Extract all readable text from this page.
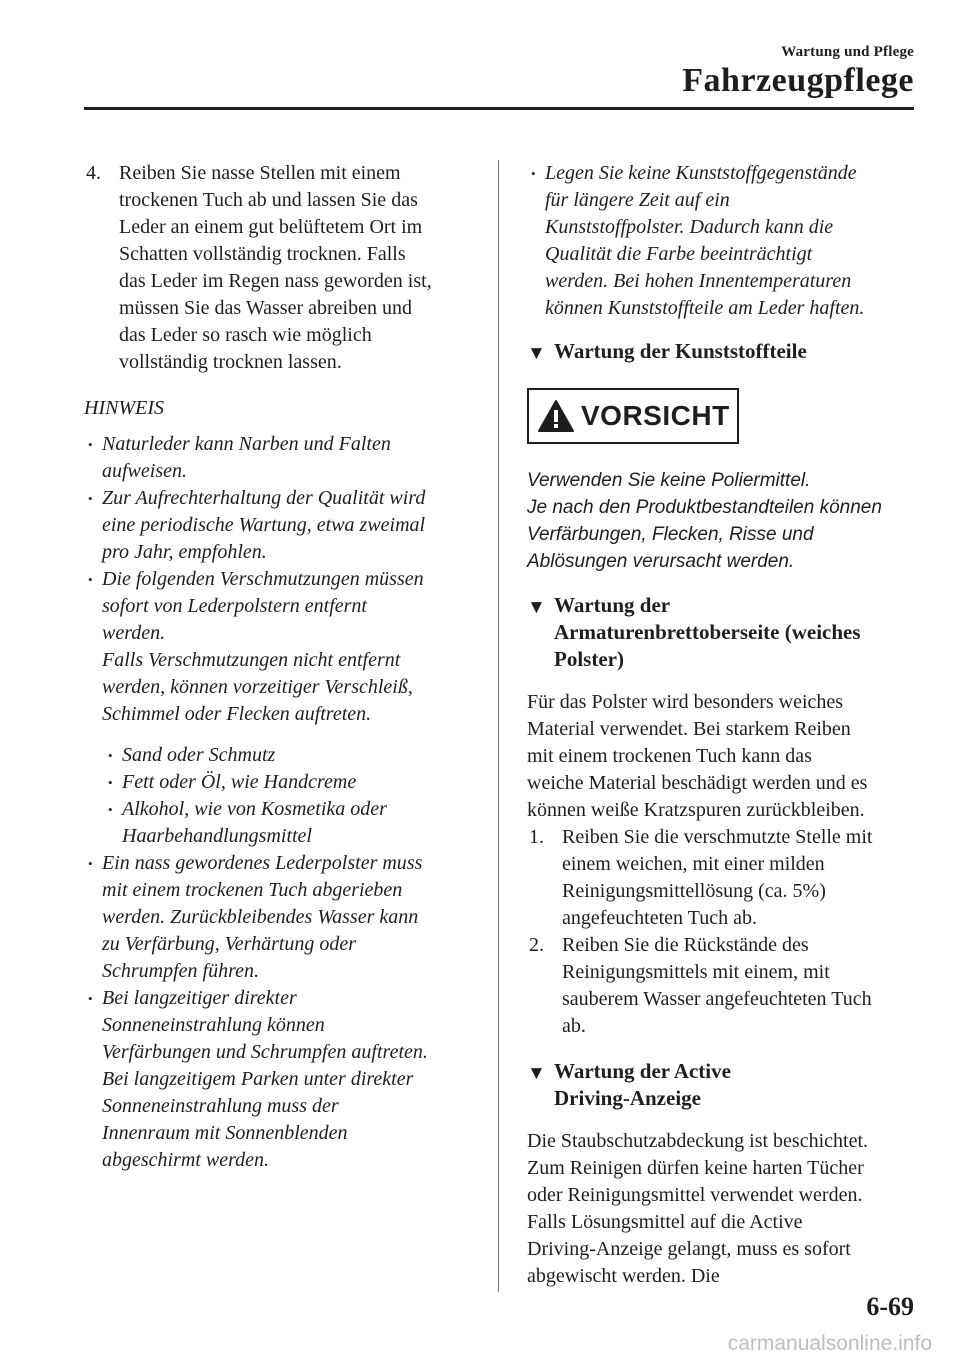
Wartung und Pflege
Fahrzeugpflege
4. Reiben Sie nasse Stellen mit einem
trockenen Tuch ab und lassen Sie das
Leder an einem gut belüftetem Ort im
Schatten vollständig trocknen. Falls
das Leder im Regen nass geworden ist,
müssen Sie das Wasser abreiben und
das Leder so rasch wie möglich
vollständig trocknen lassen.
HINWEIS
• Naturleder kann Narben und Falten
aufweisen.
• Zur Aufrechterhaltung der Qualität wird
eine periodische Wartung, etwa zweimal
pro Jahr, empfohlen.
• Die folgenden Verschmutzungen müssen
sofort von Lederpolstern entfernt
werden.
Falls Verschmutzungen nicht entfernt
werden, können vorzeitiger Verschleiß,
Schimmel oder Flecken auftreten.
• Sand oder Schmutz
• Fett oder Öl, wie Handcreme
• Alkohol, wie von Kosmetika oder
Haarbehandlungsmittel
• Ein nass gewordenes Lederpolster muss
mit einem trockenen Tuch abgerieben
werden. Zurückbleibendes Wasser kann
zu Verfärbung, Verhärtung oder
Schrumpfen führen.
• Bei langzeitiger direkter
Sonneneinstrahlung können
Verfärbungen und Schrumpfen auftreten.
Bei langzeitigem Parken unter direkter
Sonneneinstrahlung muss der
Innenraum mit Sonnenblenden
abgeschirmt werden.
• Legen Sie keine Kunststoffgegenstände
für längere Zeit auf ein
Kunststoffpolster. Dadurch kann die
Qualität die Farbe beeinträchtigt
werden. Bei hohen Innentemperaturen
können Kunststoffteile am Leder haften.
▼ Wartung der Kunststoffteile
VORSICHT
Verwenden Sie keine Poliermittel.
Je nach den Produktbestandteilen können
Verfärbungen, Flecken, Risse und
Ablösungen verursacht werden.
▼ Wartung der
Armaturenbrettoberseite (weiches
Polster)
Für das Polster wird besonders weiches
Material verwendet. Bei starkem Reiben
mit einem trockenen Tuch kann das
weiche Material beschädigt werden und es
können weiße Kratzspuren zurückbleiben.
1. Reiben Sie die verschmutzte Stelle mit
einem weichen, mit einer milden
Reinigungsmittellösung (ca. 5%)
angefeuchteten Tuch ab.
2. Reiben Sie die Rückstände des
Reinigungsmittels mit einem, mit
sauberem Wasser angefeuchteten Tuch
ab.
▼ Wartung der Active
Driving-Anzeige
Die Staubschutzabdeckung ist beschichtet.
Zum Reinigen dürfen keine harten Tücher
oder Reinigungsmittel verwendet werden.
Falls Lösungsmittel auf die Active
Driving-Anzeige gelangt, muss es sofort
abgewischt werden. Die
6-69
carmanualsonline.info
